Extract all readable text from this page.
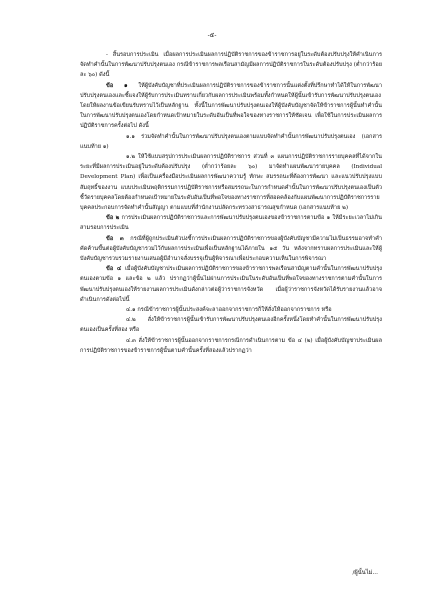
-๕-

- สิ้นรอบการประเมิน เมื่อผลการประเมินผลการปฏิบัติราชการของข้าราชการอยู่ในระดับต้องปรับปรุงให้คำเนินการจัดทำคำนั้นในการพัฒนาปรับปรุงตนเอง กรณีข้าราชการพลเรือนสามัญมีผลการปฏิบัติราชการในระดับต้องปรับปรุง (ต่ำกว่าร้อยละ ๖๐) ดังนี้

ข้อ ๑ ให้ผู้บังคับบัญชาที่ประเมินผลการปฏิบัติราชการของข้าราชการนั้นแต่งตั้งที่ปรึกษาทำได้ให้ในการพัฒนาปรับปรุงตนเองและชี้แจงให้ผู้รับการประเมินทราบเกี่ยวกับผลการประเมินพร้อมทั้งกำหนดให้ผู้นั้นเข้ารับการพัฒนาปรับปรุงตนเองโดยให้ผลงานข้อเขียนรับทราบไว้เป็นหลักฐาน ทั้งนี้ในการพัฒนาปรับปรุงตนเองให้ผู้บังคับบัญชาจัดให้ข้าราชการผู้นั้นทำคำนั้นในการพัฒนาปรับปรุงตนเองโดยกำหนดเป้าหมายในระดับอันเป็นที่พอใจของทางราชการให้ชัดเจน เพื่อใช้ในการประเมินผลการปฏิบัติราชการครั้งต่อไป ดังนี้

๑.๑ ร่วมจัดทำคำนั้นในการพัฒนาปรับปรุงตนเองตามแบบจัดทำคำนั้นการพัฒนาปรับปรุงตนเอง (เอกสารแนบท้าย ๑)

๑.๒ ให้ใช้แบบสรุปการประเมินผลการปฏิบัติราชการ ส่วนที่ ๓ แผนการปฏิบัติราชการรายบุคคลที่ได้จากในระยะที่มีผลการประเมินอยู่ในระดับต้องปรับปรุง (ต่ำกว่าร้อยละ ๖๐) มาจัดทำแผนพัฒนารายบุคคล (Individual Development Plan) เพื่อเป็นเครื่องมือประเมินผลการพัฒนาความรู้ ทักษะ สมรรถนะที่ต้องการพัฒนา และแนวปรับปรุงแบบสัมฤทธิ์ของงาน แบบประเมินพฤติกรรมการปฏิบัติราชการหรือสมรรถนะในการกำหนดคำนั้นในการพัฒนาปรับปรุงตนเองเป็นตัวชี้วัดรายบุคคลโดยต้องกำหนดเป้าหมายในระดับอันเป็นที่พอใจของทางราชการที่สอดคล้องกับแผนพัฒนาการปฏิบัติราชการรายบุคคลประกอบการจัดทำคำนั้นสัญญา ตามแบบที่สำนักงานปลัดกระทรวงสาธารณสุขกำหนด (เอกสารแนบท้าย ๒)

ข้อ ๒ การประเมินผลการปฏิบัติราชการและการพัฒนาปรับปรุงตนเองของข้าราชการตามข้อ ๑ ให้มีระยะเวลาไม่เกินสามรอบการประเมิน

ข้อ ๓ กรณีที่ผู้ถูกประเมินตัวบ่งชี้การประเมินผลการปฏิบัติราชการของผู้บังคับบัญชามีความไม่เป็นธรรมอาจทำคำคัดค้านขึ้นต่อผู้บังคับบัญชารวมไว้กับผลการประเมินเพื่อเป็นหลักฐานได้ภายใน ๑๕ วัน หลังจากทราบผลการประเมินและให้ผู้บังคับบัญชารวบรวมรายงานเสนอผู้มีอำนาจสั่งบรรจุเป็นผู้พิจารณาเพื่อประกอบความเห็นในการพิจารณา

ข้อ ๔ เมื่อผู้บังคับบัญชาประเมินผลการปฏิบัติราชการของข้าราชการพลเรือนสามัญตามคำนั้นในการพัฒนาปรับปรุงตนเองตามข้อ ๑ และข้อ ๒ แล้ว ปรากฏว่าผู้นั้นไม่ผ่านการประเมินในระดับอันเป็นที่พอใจของทางราชการตามคำนั้นในการพัฒนาปรับปรุงตนเองให้รายงานผลการประเมินดังกล่าวต่อผู้ว่าราชการจังหวัด เมื่อผู้ว่าราชการจังหวัดได้รับรายงานแล้วอาจดำเนินการดังต่อไปนี้

๔.๑ กรณีข้าราชการผู้นั้นประสงค์จะลาออกจากราชการก็ให้สั่งให้ออกจากราชการ หรือ

๔.๒ สั่งให้ข้าราชการผู้นั้นเข้ารับการพัฒนาปรับปรุงตนเองอีกครั้งหนึ่งโดยทำคำนั้นในการพัฒนาปรับปรุงตนเองเป็นครั้งที่สอง หรือ

๔.๓ สั่งให้ข้าราชการผู้นั้นออกจากราชการกรณีการดำเนินการตาม ข้อ ๔ (๒) เมื่อผู้บังคับบัญชาประเมินผลการปฏิบัติราชการของข้าราชการผู้นั้นตามคำนั้นครั้งที่สองแล้วปรากฏว่า

/ผู้นั้นไม่...
